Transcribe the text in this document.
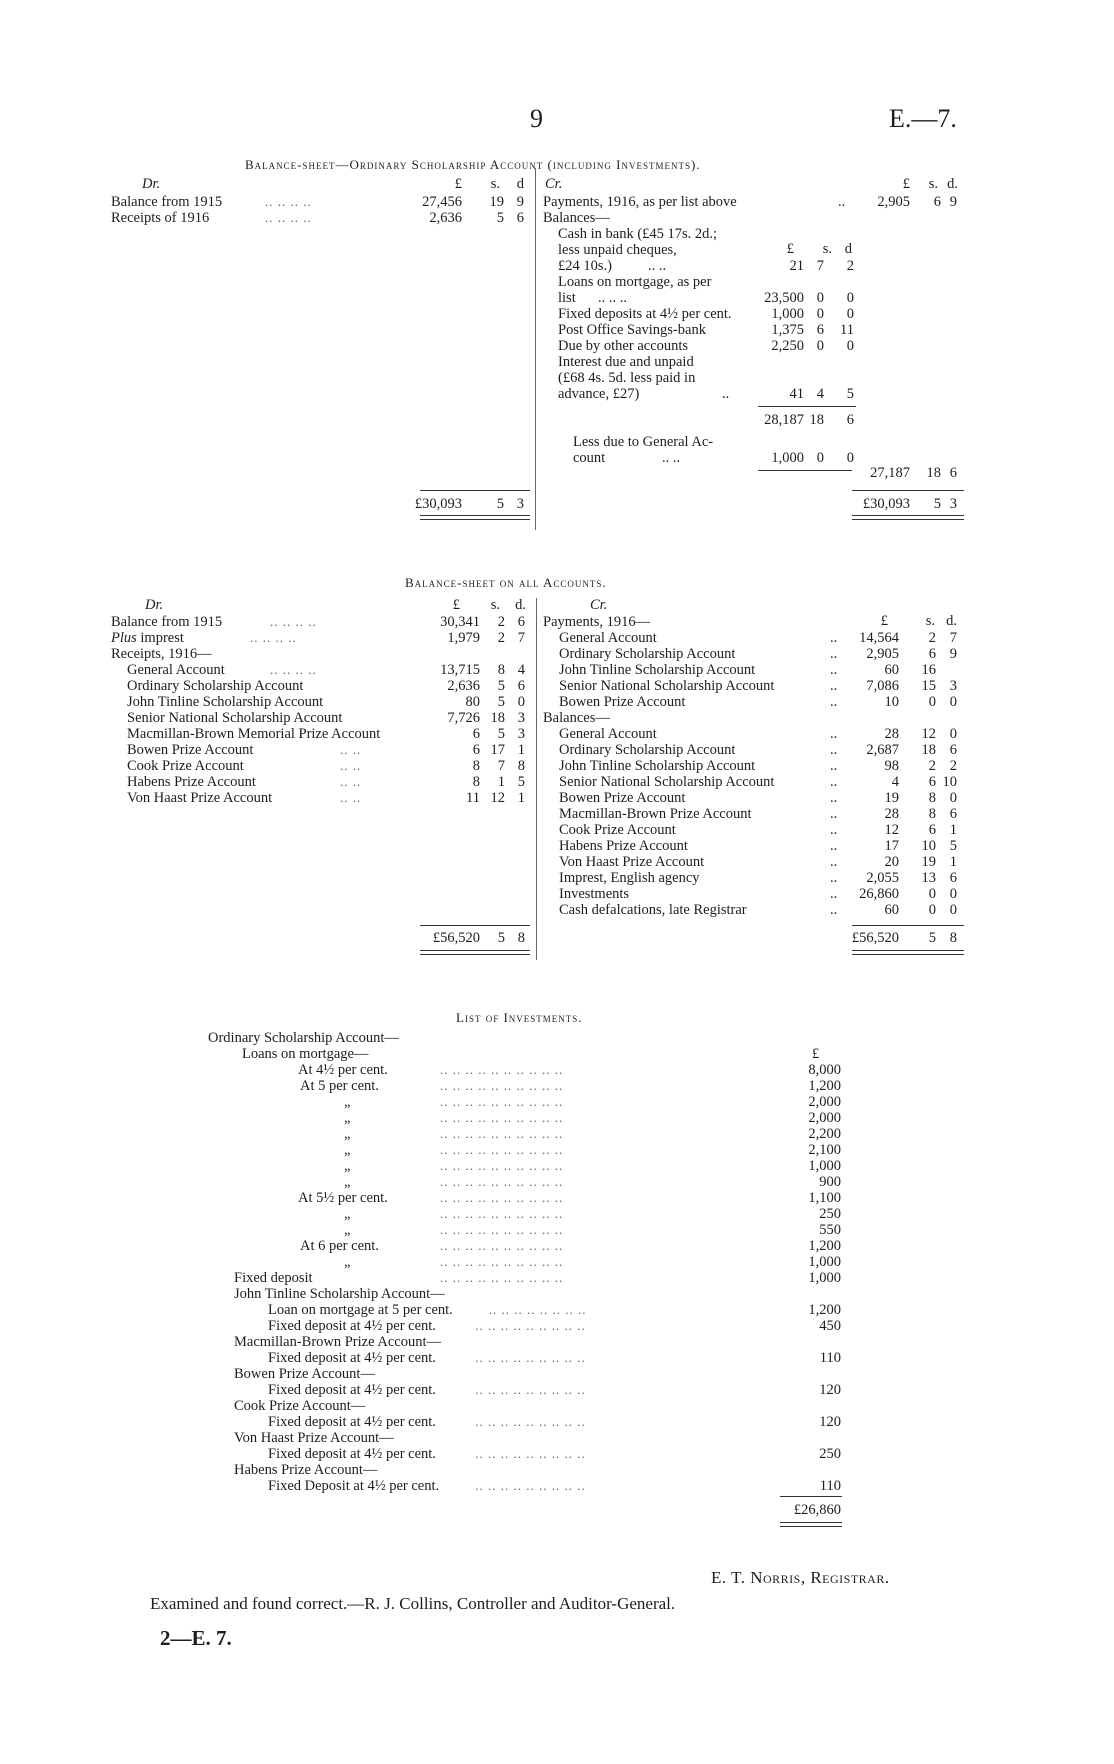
9	E.—7.
Balance-sheet—Ordinary Scholarship Account (including Investments).
Dr.	£ s. d
Balance from 1915	.. .. .. ..	27,456 19 9
Receipts of 1916	.. .. .. ..	2,636 5 6
Cr.	£ s. d.
Payments, 1916, as per list above	.. 2,905 6 9
Balances—
£ s. d
Cash in bank (£45 17s. 2d.;
less unpaid cheques,
£24 10s.) .. ..	21 7 2
Loans on mortgage, as per
list .. .. ..	23,500 0 0
Fixed deposits at 4½ per cent.	1,000 0 0
Post Office Savings-bank	1,375 6 11
Due by other accounts	2,250 0 0
Interest due and unpaid
(£68 4s. 5d. less paid in
advance, £27)	..	41 4 5
28,187 18 6
Less due to General Ac-
count	.. ..	1,000 0 0
27,187 18 6
£30,093 5 3	£30,093 5 3
Balance-sheet on all Accounts.
Dr.	Cr.
£ s. d.
£	s. d.
Balance from 1915	.. .. .. ..	30,341 2 6
Plus imprest	.. .. .. ..	1,979 2 7
Receipts, 1916—
General Account	.. .. .. ..	13,715 8 4
Ordinary Scholarship Account	2,636 5 6
John Tinline Scholarship Account	80 5 0
Senior National Scholarship Account	7,726 18 3
Macmillan-Brown Memorial Prize Account	6 5 3
Bowen Prize Account	.. ..	6 17 1
Cook Prize Account	.. ..	8 7 8
Habens Prize Account	.. ..	8 1 5
Von Haast Prize Account	.. ..	11 12 1
Payments, 1916—
General Account	.. 14,564 2 7
Ordinary Scholarship Account	.. 2,905 6 9
John Tinline Scholarship Account	..	60 16
Senior National Scholarship Account	.. 7,086 15 3
Bowen Prize Account	..	10 0 0
Balances—
General Account	..	28 12 0
Ordinary Scholarship Account	.. 2,687 18 6
John Tinline Scholarship Account	..	98 2 2
Senior National Scholarship Account	..	4 6 10
Bowen Prize Account	..	19 8 0
Macmillan-Brown Prize Account	..	28 8 6
Cook Prize Account	..	12 6 1
Habens Prize Account	..	17 10 5
Von Haast Prize Account	..	20 19 1
Imprest, English agency	.. 2,055 13 6
Investments	.. 26,860 0 0
Cash defalcations, late Registrar	..	60 0 0
£56,520 5 8	£56,520 5 8
List of Investments.
£
Ordinary Scholarship Account—
Loans on mortgage—
At 4½ per cent.	.. .. .. .. .. .. .. .. .. ..	8,000
At 5 per cent.	.. .. .. .. .. .. .. .. .. ..	1,200
„	.. .. .. .. .. .. .. .. .. ..	2,000
„	.. .. .. .. .. .. .. .. .. ..	2,000
„	.. .. .. .. .. .. .. .. .. ..	2,200
„	.. .. .. .. .. .. .. .. .. ..	2,100
„	.. .. .. .. .. .. .. .. .. ..	1,000
„	.. .. .. .. .. .. .. .. .. ..	900
At 5½ per cent.	.. .. .. .. .. .. .. .. .. ..	1,100
„	.. .. .. .. .. .. .. .. .. ..	250
„	.. .. .. .. .. .. .. .. .. ..	550
At 6 per cent.	.. .. .. .. .. .. .. .. .. ..	1,200
„	.. .. .. .. .. .. .. .. .. ..	1,000
Fixed deposit	.. .. .. .. .. .. .. .. .. ..	1,000
John Tinline Scholarship Account—
Loan on mortgage at 5 per cent.	.. .. .. .. .. .. .. ..	1,200
Fixed deposit at 4½ per cent.	.. .. .. .. .. .. .. .. ..	450
Macmillan-Brown Prize Account—
Fixed deposit at 4½ per cent.	.. .. .. .. .. .. .. .. ..	110
Bowen Prize Account—
Fixed deposit at 4½ per cent.	.. .. .. .. .. .. .. .. ..	120
Cook Prize Account—
Fixed deposit at 4½ per cent.	.. .. .. .. .. .. .. .. ..	120
Von Haast Prize Account—
Fixed deposit at 4½ per cent.	.. .. .. .. .. .. .. .. ..	250
Habens Prize Account—
Fixed Deposit at 4½ per cent.	.. .. .. .. .. .. .. .. ..	110
£26,860
E. T. Norris, Registrar.
Examined and found correct.—R. J. Collins, Controller and Auditor-General.
2—E. 7.
